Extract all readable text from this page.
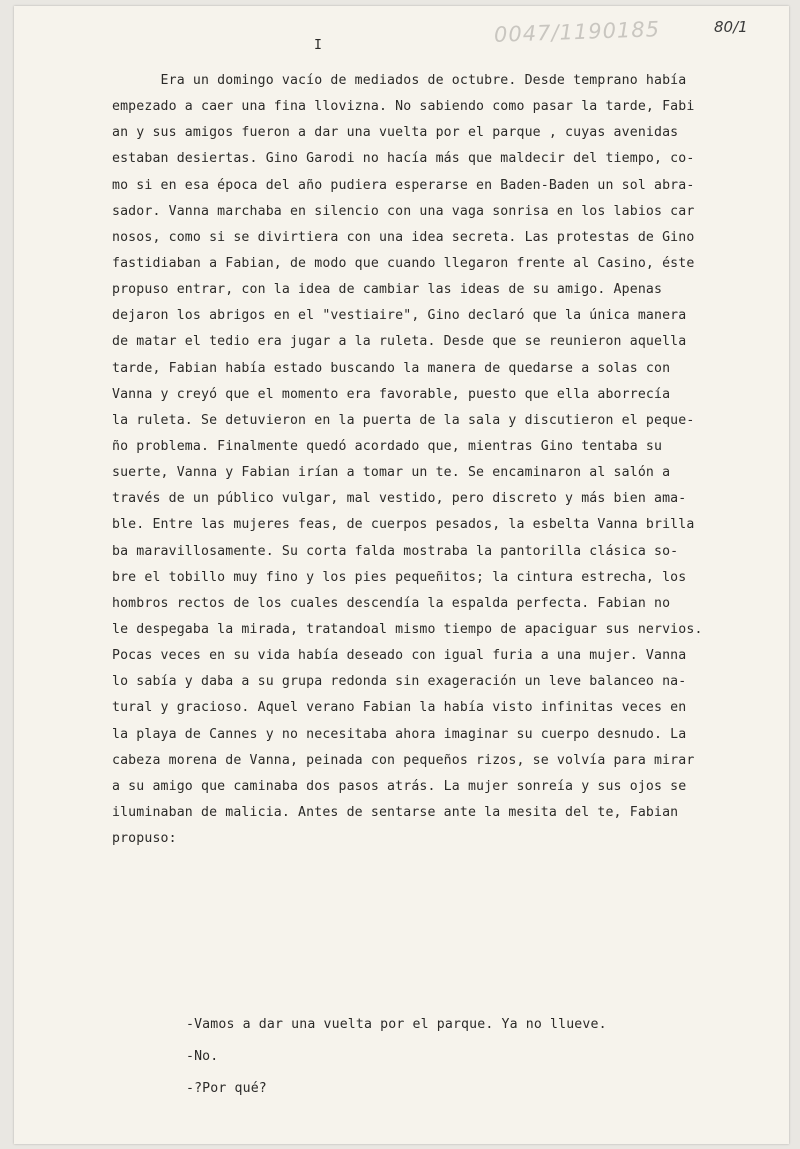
0047/1190185	80/1
I
Era un domingo vacío de mediados de octubre. Desde temprano había
empezado a caer una fina llovizna. No sabiendo como pasar la tarde, Fabi
an y sus amigos fueron a dar una vuelta por el parque , cuyas avenidas
estaban desiertas. Gino Garodi no hacía más que maldecir del tiempo, co-
mo si en esa época del año pudiera esperarse en Baden-Baden un sol abra-
sador. Vanna marchaba en silencio con una vaga sonrisa en los labios car
nosos, como si se divirtiera con una idea secreta. Las protestas de Gino
fastidiaban a Fabian, de modo que cuando llegaron frente al Casino, éste
propuso entrar, con la idea de cambiar las ideas de su amigo. Apenas
dejaron los abrigos en el "vestiaire", Gino declaró que la única manera
de matar el tedio era jugar a la ruleta. Desde que se reunieron aquella
tarde, Fabian había estado buscando la manera de quedarse a solas con
Vanna y creyó que el momento era favorable, puesto que ella aborrecía
la ruleta. Se detuvieron en la puerta de la sala y discutieron el peque-
ño problema. Finalmente quedó acordado que, mientras Gino tentaba su
suerte, Vanna y Fabian irían a tomar un te. Se encaminaron al salón a
través de un público vulgar, mal vestido, pero discreto y más bien ama-
ble. Entre las mujeres feas, de cuerpos pesados, la esbelta Vanna brilla
ba maravillosamente. Su corta falda mostraba la pantorilla clásica so-
bre el tobillo muy fino y los pies pequeñitos; la cintura estrecha, los
hombros rectos de los cuales descendía la espalda perfecta. Fabian no
le despegaba la mirada, tratandoal mismo tiempo de apaciguar sus nervios.
Pocas veces en su vida había deseado con igual furia a una mujer. Vanna
lo sabía y daba a su grupa redonda sin exageración un leve balanceo na-
tural y gracioso. Aquel verano Fabian la había visto infinitas veces en
la playa de Cannes y no necesitaba ahora imaginar su cuerpo desnudo. La
cabeza morena de Vanna, peinada con pequeños rizos, se volvía para mirar
a su amigo que caminaba dos pasos atrás. La mujer sonreía y sus ojos se
iluminaban de malicia. Antes de sentarse ante la mesita del te, Fabian
propuso:
-Vamos a dar una vuelta por el parque. Ya no llueve.
-No.
-?Por qué?
